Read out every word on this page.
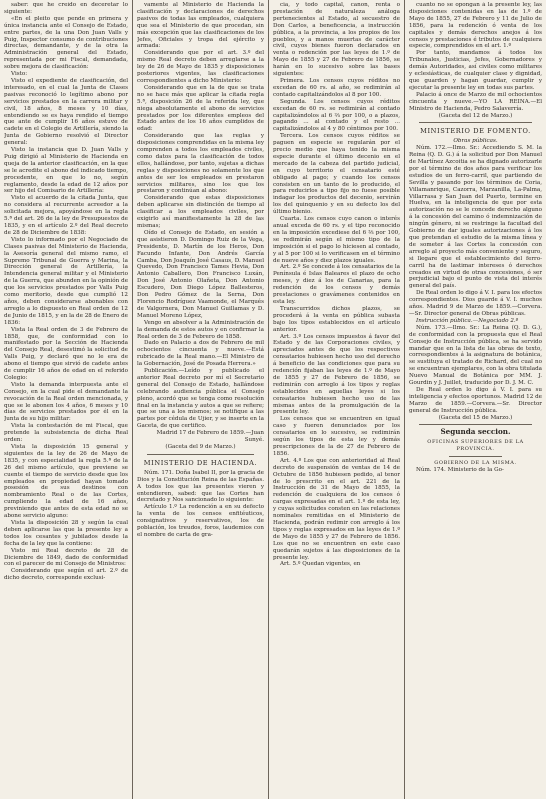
saber: que he creído en deceretar lo siguiente:

«En el pleito que pende en primera y única instancia ante el Consejo de Estado, entre partes, de la una Don Juan Valls y Puig, Inspector consumo de contribuciones directas, demandante, y de la otra la Administración general del Estado, representada por mi Fiscal, demandada, sobre mejora de clasificación:

Visto:

Visto el expediente de clasificación, del interesado, en el cual la Junta de Clases pasivas reconoció lo legítimo abono por servicios prestados en la carrera militar y civil, 18 años, 8 meses y 10 días, entendiendo se es haya rendido el tiempo que ante de cumplir 16 años estuvo de cadete en el Colegio de Artillería, siendo la Junta de Gobierno resolvió el Director general:

Visto la instancia que D. Juan Valls y Puig dirigió al Ministerio de Hacienda en queja de la anterior clasificación, en la que se le acredite el abono del indicado tiempo, procedente, en que lo no, según reglamento, desde la edad de 12 años por ser hijo del Comisario de Artillería:

Visto el acuerdo de la citada Junta, que no considera al recurrente acreedor a la solicitada mejora, apoyándose en la regla 5.ª del art. 26 de la ley de Presupuestos de 1835, y en el artículo 2.º del Real decreto de 28 de Diciembre de 1838:

Visto lo informado por el Negociado de Clases pasivas del Ministerio de Hacienda, la Asesoría general del mismo ramo, el Supremo Tribunal de Guerra y Marina, la Dirección general de Artillería, la Intendencia general militar y el Ministerio de la Guerra, que abunden en la opinión de que los servicios prestados por Valls Puig como meritorio, desde que cumplió 12 años, deben considerarse abonables con arreglo a lo dispuesto en Real orden de 12 de Junio de 1815, y en la de 28 de Enero de 1836:

Vista la Real orden de 3 de Febrero de 1858, que, de conformidad con lo manifestado por la Sección de Hacienda del Consejo Real, desestimó la solicitud de Valls Puig, y declaró que no le era de abono el tiempo que sirvió de cadete antes de cumplir 16 años de edad en el referido Colegio:

Visto la demanda interpuesta ante el Consejo, en la cual pide el demandante la revocación de la Real orden mencionada, y que se le abonen los 4 años, 6 meses y 10 días de servicios prestados por él en la Junta de su hijo militar:

Vista la contestación de mi Fiscal, que pretende la subsistencia de dicha Real orden:

Vista la disposición 15 general y siguientes de la ley de 26 de Mayo de 1835, y con especialidad la regla 5.ª de la 26 del mismo artículo, que previene se cuente el tiempo de servicio desde que los empleados en propiedad hayan tomado posesión de sus destinos con nombramiento Real o de las Cortes, cumpliendo la edad de 16 años, previniendo que antes de esta edad no se abone servicio alguno:

Vista la disposición 28 y según la cual deben aplicarse las que la presente ley a todos los cesantes y jubilados desde la fecha de la ley que la contiene:

Visto mi Real decreto de 28 de Diciembre de 1849, dado de conformidad con el parecer de mi Consejo de Ministros:

Considerando que según el art. 2.º de dicho decreto, corresponde exclusi-

vamente al Ministerio de Hacienda la clasificación y declaraciones de derechos pasivos de todas las empleados, cualquiera que sea el Ministerio de que procedan, sin más excepción que las clasificaciones de los Jefes, Oficiales y tropa del ejército y armada:

Considerando que por el art. 3.º del mismo Real decreto deben arreglarse a la ley de 26 de Mayo de 1835 y disposiciones posteriores vigentes, las clasificaciones correspondientes a dicho Ministerio:

Considerando que en la de que se trata no se hace más que aplicar la citada regla 5.ª, disposición 26 de la referida ley, que niega absolutamente el abono de servicios prestados por los diferentes empleos del Estado antes de los 16 años cumplidos de edad:

Considerando que las reglas y disposiciones comprendidas en la misma ley comprenden a todos los empleados civiles, como datos para la clasificación de todos ellos, hallándose, por tanto, sujetas a dichas reglas y disposiciones no solamente los que antes de ser los empleados en prestaron servicios militares, sino los que los prestaron y continúan al abono:

Considerando que estas disposiciones deben aplicarse sin distinción de tiempo al clasificar a los empleados civiles, por exigirlo así manifiestamente la 28 de las mismas;

Oído el Consejo de Estado, en sesión a que asistieron D. Domingo Ruiz de la Vega, Presidente, D. Martín de los Heros, Don Facundo Infante, Don Andrés García Camba, Don Joaquín José Casaus, D. Manuel Quevedo, Don Francisco Tames Hevia, Don Antonio Caballero, Don Francisco Luxán, Don José Antonio Olañeta, Don Antonio Escudero, Don Diego López Ballesteros, Don Pedro Gómez de la Serna, Don Florencio Rodríguez Vaamonde, el Marqués de Valgornera, Don Manuel Guillamas y D. Manuel Moreno López,

Vengo en absolver a la Administración de la demanda de estos autos y en confirmar la Real orden de 3 de Febrero de 1858.

Dado en Palacio a dos de Febrero de mil ochocientos cincuenta y nueve.—Está rubricado de la Real mano.—El Ministro de la Gobernación, José de Posada Herrera.»

Publicación.—Leído y publicado el anterior Real decreto por mí el Secretario general del Consejo de Estado, hallándose celebrando audiencia pública el Consejo pleno, acordó que se tenga como resolución final en la instancia y autos a que se refiere; que se una a los mismos; se notifique a las partes por cédula de Ujier, y se inserte en la Gaceta, de que certifico.

Madrid 17 de Febrero de 1859.—Juan Sunyé.

(Gaceta del 9 de Marzo.)

MINISTERIO DE HACIENDA.

Núm. 171. Doña Isabel II, por la gracia de Dios y la Constitución Reina de las Españas. A todos los que las presentes vieren y entendieren, sabed: que las Cortes han decretado y Nos sancionado lo siguiente:

Artículo 1.º La redención a en su defecto la venta de los censos enfitéuticos, consignativos y reservativos, los de población, los treudos, foros, laudemios con el nombre de carta de gra-

cia, y todo capital, canon, renta o prestación de naturaleza análoga pertenecientes al Estado, al secuestro de Don Carlos, a beneficencia, a instrucción pública, a la provincia, a los propios de los pueblos, y a manos muertas de carácter civil, cuyos bienes fueron declarados en venta o redención por las leyes de 1.º de Mayo de 1855 y 27 de Febrero de 1856, se harán en lo sucesivo sobre las bases siguientes:

Primera. Los censos cuyos réditos no excedan de 60 rs. al año, se redimirán al contado capitalizándolos al 8 por 100.

Segunda. Los censos cuyos réditos excedan de 60 rs. se redimirán al contado capitalizándolos al 6 ⅔ por 100, o a plazos, pagando ... al contado y el resto ... capitalizándolos al 4 y 80 céntimos por 100.

Tercera. Los censos cuyos réditos se paguen en especie se regularán por el precio medio que haya tenido la misma especie durante el último decenio en el mercado de la cabeza del partido judicial, en cuyo territorio el censatario esté obligado al pago; y cuando los censos consisten en un tanto de lo producido, el para reducirlos a tipo fijo no fuese posible indagar los productos del decenio, servirán los del quinquenio y en su defecto los del último bienio.

Cuarta. Los censos cuyo canon o interés anual exceda de 60 rs. y el tipo reconocido en la imposición excediese del 6 ⅔ por 100, se redimirán según el mismo tipo de la imposición si el pago lo hiciesen al contado, y al 5 por 100 si lo verificasen en el término de nueve años y diez plazos iguales.

Art. 2.º Se concede á los censatarios de la Península é Islas Baleares el plazo de ocho meses, y diez á los de Canarias, para la redención de los censos y demás prestaciones o gravámenes contenidos en esta ley.

Transcurridos dichos plazos, se procederá á la venta en pública subasta bajo los tipos establecidos en el artículo anterior.

Art. 3.º Los censos impuestos á favor del Estado y de las Corporaciones civiles, y apreciados antes de que los respectivos censatarios hubiesen hecho uso del derecho á beneficio de las condiciones que para su redención fijaban las leyes de 1.º de Mayo de 1855 y 27 de Febrero de 1856, se redimirán con arreglo á los tipos y reglas establecidos en aquellas leyes si los censatarios hubiesen hecho uso de las mismas antes de la promulgación de la presente ley.

Los censos que se encuentren en igual caso y fueren denunciados por los censatarios en lo sucesivo, se redimirán según los tipos de esta ley y demás prescripciones de la de 27 de Febrero de 1856.

Art. 4.º Los que con anterioridad al Real decreto de suspensión de ventas de 14 de Octubre de 1856 hubiesen pedido, al tenor de lo prescrito en el art. 221 de la Instrucción de 31 de Mayo de 1855, la redención de cualquiera de los censos ó cargas expresadas en el art. 1.º de esta ley, y cuyas solicitudes consten en las relaciones nominales remitidas en el Ministerio de Hacienda, podrán redimir con arreglo á los tipos y reglas expresados en las leyes de 1.º de Mayo de 1855 y 27 de Febrero de 1856. Los que no se encuentren en este caso quedarán sujetos á las disposiciones de la presente ley.

Art. 5.º Quedan vigentes, en

cuanto no se opongan á la presente ley, las disposiciones contenidas en las de 1.º de Mayo de 1855, 27 de Febrero y 11 de Julio de 1856, para la redención ó venta de los capitales y demás derechos anejos á los censos y prestaciones é tributos de cualquiera especie, comprendidos en el art. 1.º

Por tanto, mandamos á todos los Tribunales, Justicias, Jefes, Gobernadores y demás Autoridades, así civiles como militares y eclesiásticas, de cualquier clase y dignidad, que guarden y hagan guardar, cumplir y ejecutar la presente ley en todas sus partes.

Palacio á once de Marzo de mil ochocientos cincuenta y nueve.—YO LA REINA.—El Ministro de Hacienda, Pedro Salaverría.

(Gaceta del 12 de Marzo.)

MINISTERIO DE FOMENTO.

Obras públicas.

Núm. 172.—Ilmo. Sr.: Accediendo S. M. la Reina (Q. D. G.) á la solicitud por Don Manuel de Martínez Azcoitia se ha dignado autorizarle por el término de dos años para verificar los estudios de un ferro-carril, que partiendo de Sevilla y pasando por los términos de Coria, Villamanrique, Cazorra, Marzanilla, La-Palma, Villarrasa y San Juan del Puerto, termine en Huelva, en la inteligencia de que por esta autorización no se le concede derecho alguno á la concesión del camino ó indemnización de ningún género, ni se restringe la facultad del Gobierno de dar iguales autorizaciones á los que pretendan el estudio de la misma línea y de someter á las Cortes la concesión con arreglo al proyecto más conveniente y seguro, si llegare que el establecimiento del ferro-carril ha de lastimar intereses ó derechos creados en virtud de otras concesiones, ó ser perjudicial bajo el punto de vista del interés general del país.

De Real orden lo digo á V. I. para los efectos correspondientes. Dios guarde á V. I. muchos años. Madrid 9 de Marzo de 1859.—Corvera.—Sr. Director general de Obras públicas.

Instrucción pública.—Negociado 2.º

Núm. 173.—Ilmo. Sr.: La Reina (Q. D. G.), de conformidad con la propuesta que el Real Consejo de Instrucción pública, se ha servido mandar que en la lista de las obras de texto, correspondientes á la asignatura de botánica, se sustituya el tratado de Richard, del cual no se encuentran ejemplares, con la obra titulada Nuevo Manual de Botánica por MM. J. Gourdin y J. Juillet, traducido por D. J. M. C.

De Real orden lo digo á V. I. para su inteligencia y efectos oportunos. Madrid 12 de Marzo de 1859.—Corvera.—Sr. Director general de Instrucción pública.

(Gaceta del 15 de Marzo.)

Segunda seccion.

OFICINAS SUPERIORES DE LA PROVINCIA.

GOBIERNO DE LA MISMA.

Núm. 174. Ministerio de la Go-
